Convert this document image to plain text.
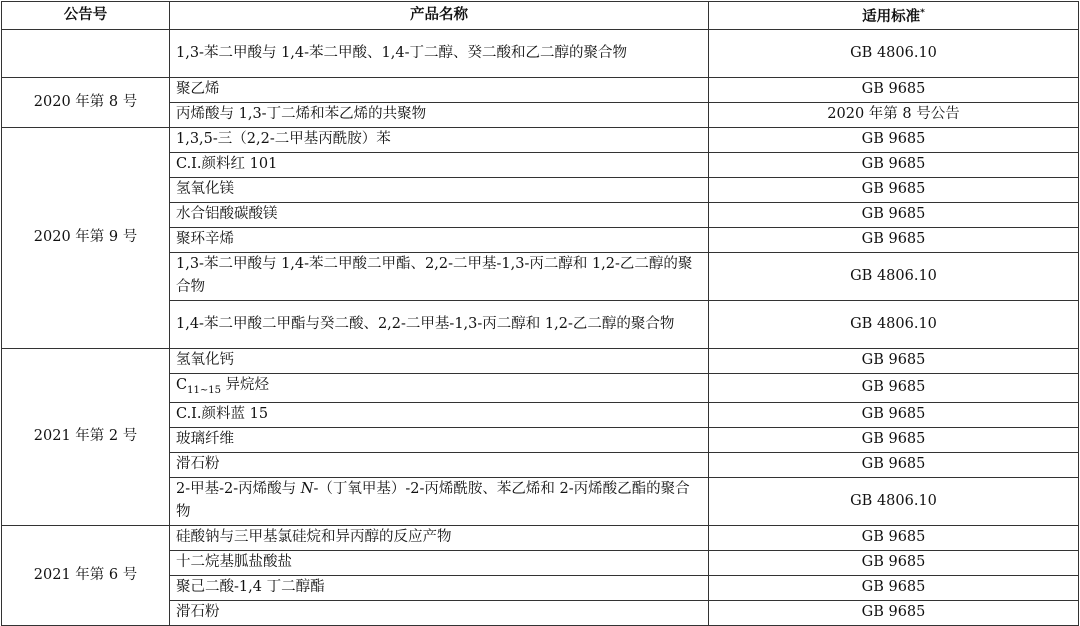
公告号	产品名称	适用标准*
	1,3-苯二甲酸与 1,4-苯二甲酸、1,4-丁二醇、癸二酸和乙二醇的聚合物	GB 4806.10
2020 年第 8 号	聚乙烯	GB 9685
	丙烯酸与 1,3-丁二烯和苯乙烯的共聚物	2020 年第 8 号公告
2020 年第 9 号	1,3,5-三（2,2-二甲基丙酰胺）苯	GB 9685
	C.I.颜料红 101	GB 9685
	氢氧化镁	GB 9685
	水合铝酸碳酸镁	GB 9685
	聚环辛烯	GB 9685
	1,3-苯二甲酸与 1,4-苯二甲酸二甲酯、2,2-二甲基-1,3-丙二醇和 1,2-乙二醇的聚合物	GB 4806.10
	1,4-苯二甲酸二甲酯与癸二酸、2,2-二甲基-1,3-丙二醇和 1,2-乙二醇的聚合物	GB 4806.10
2021 年第 2 号	氢氧化钙	GB 9685
	$C_{11\sim 15}$ 异烷烃	GB 9685
	C.I.颜料蓝 15	GB 9685
	玻璃纤维	GB 9685
	滑石粉	GB 9685
	2-甲基-2-丙烯酸与 N-（丁氧甲基）-2-丙烯酰胺、苯乙烯和 2-丙烯酸乙酯的聚合物	GB 4806.10
2021 年第 6 号	硅酸钠与三甲基氯硅烷和异丙醇的反应产物	GB 9685
	十二烷基胍盐酸盐	GB 9685
	聚己二酸-1,4 丁二醇酯	GB 9685
	滑石粉	GB 9685
